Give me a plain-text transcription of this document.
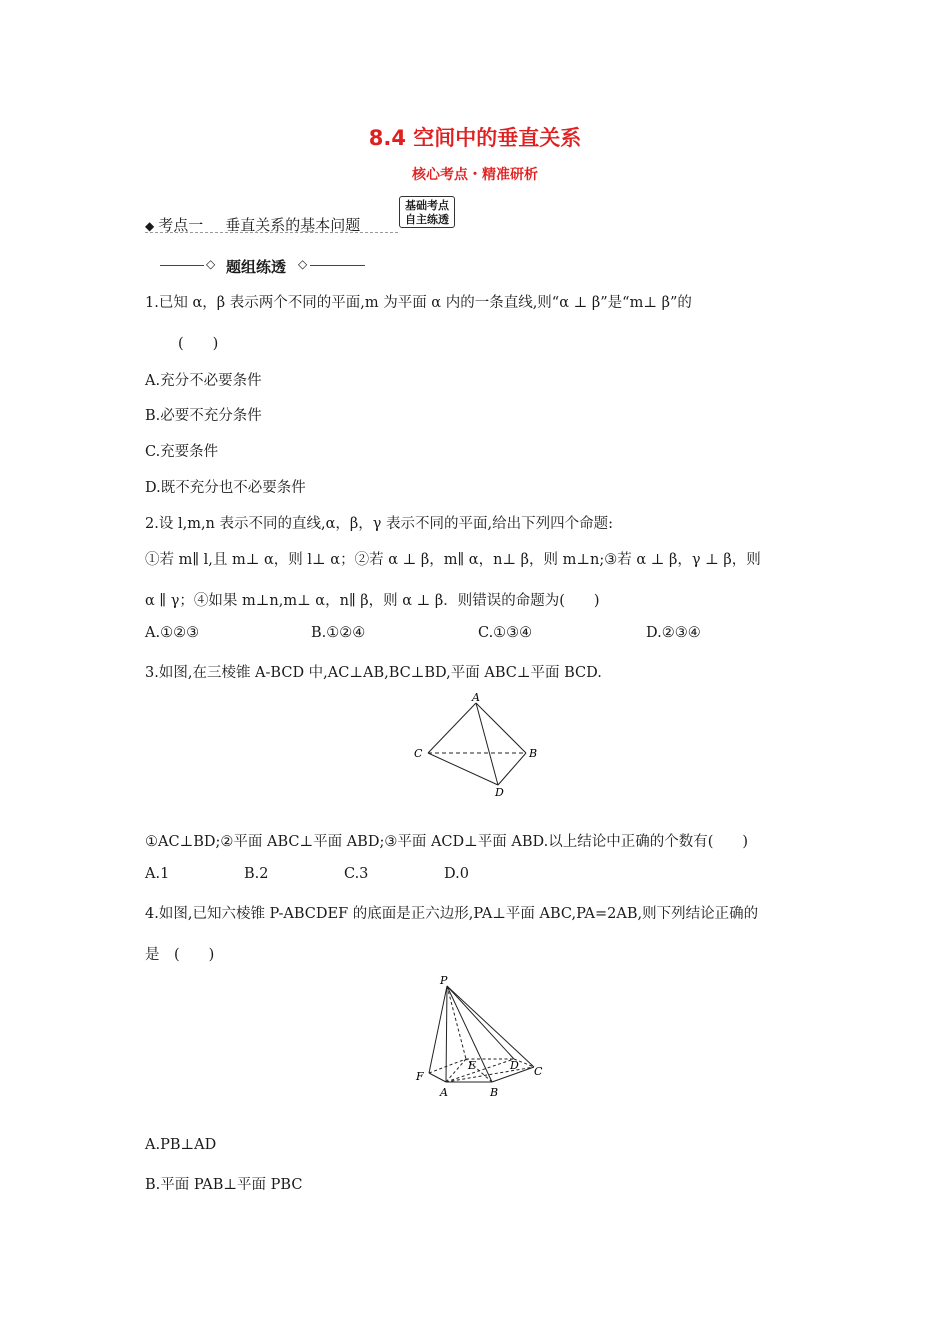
8.4 空间中的垂直关系
核心考点・精准研析
◆ 考点一 垂直关系的基本问题
基础考点
自主练透
◇ 题组练透 ◇
1.已知 α，β 表示两个不同的平面,m 为平面 α 内的一条直线,则“α ⊥ β”是“m⊥ β”的
(　　)
A.充分不必要条件
B.必要不充分条件
C.充要条件
D.既不充分也不必要条件
2.设 l,m,n 表示不同的直线,α，β，γ 表示不同的平面,给出下列四个命题:
①若 m∥ l,且 m⊥ α，则 l⊥ α；②若 α ⊥ β，m∥ α，n⊥ β，则 m⊥n;③若 α ⊥ β，γ ⊥ β，则
α ∥ γ；④如果 m⊥n,m⊥ α，n∥ β，则 α ⊥ β．则错误的命题为(　　)
A.①②③	B.①②④	C.①③④	D.②③④
3.如图,在三棱锥 A-BCD 中,AC⊥AB,BC⊥BD,平面 ABC⊥平面 BCD.
A
C	B
D
①AC⊥BD;②平面 ABC⊥平面 ABD;③平面 ACD⊥平面 ABD.以上结论中正确的个数有(　　)
A.1	B.2	C.3	D.0
4.如图,已知六棱锥 P-ABCDEF 的底面是正六边形,PA⊥平面 ABC,PA=2AB,则下列结论正确的
是　(　　)
P
F
E	D C
A	B
A.PB⊥AD
B.平面 PAB⊥平面 PBC
